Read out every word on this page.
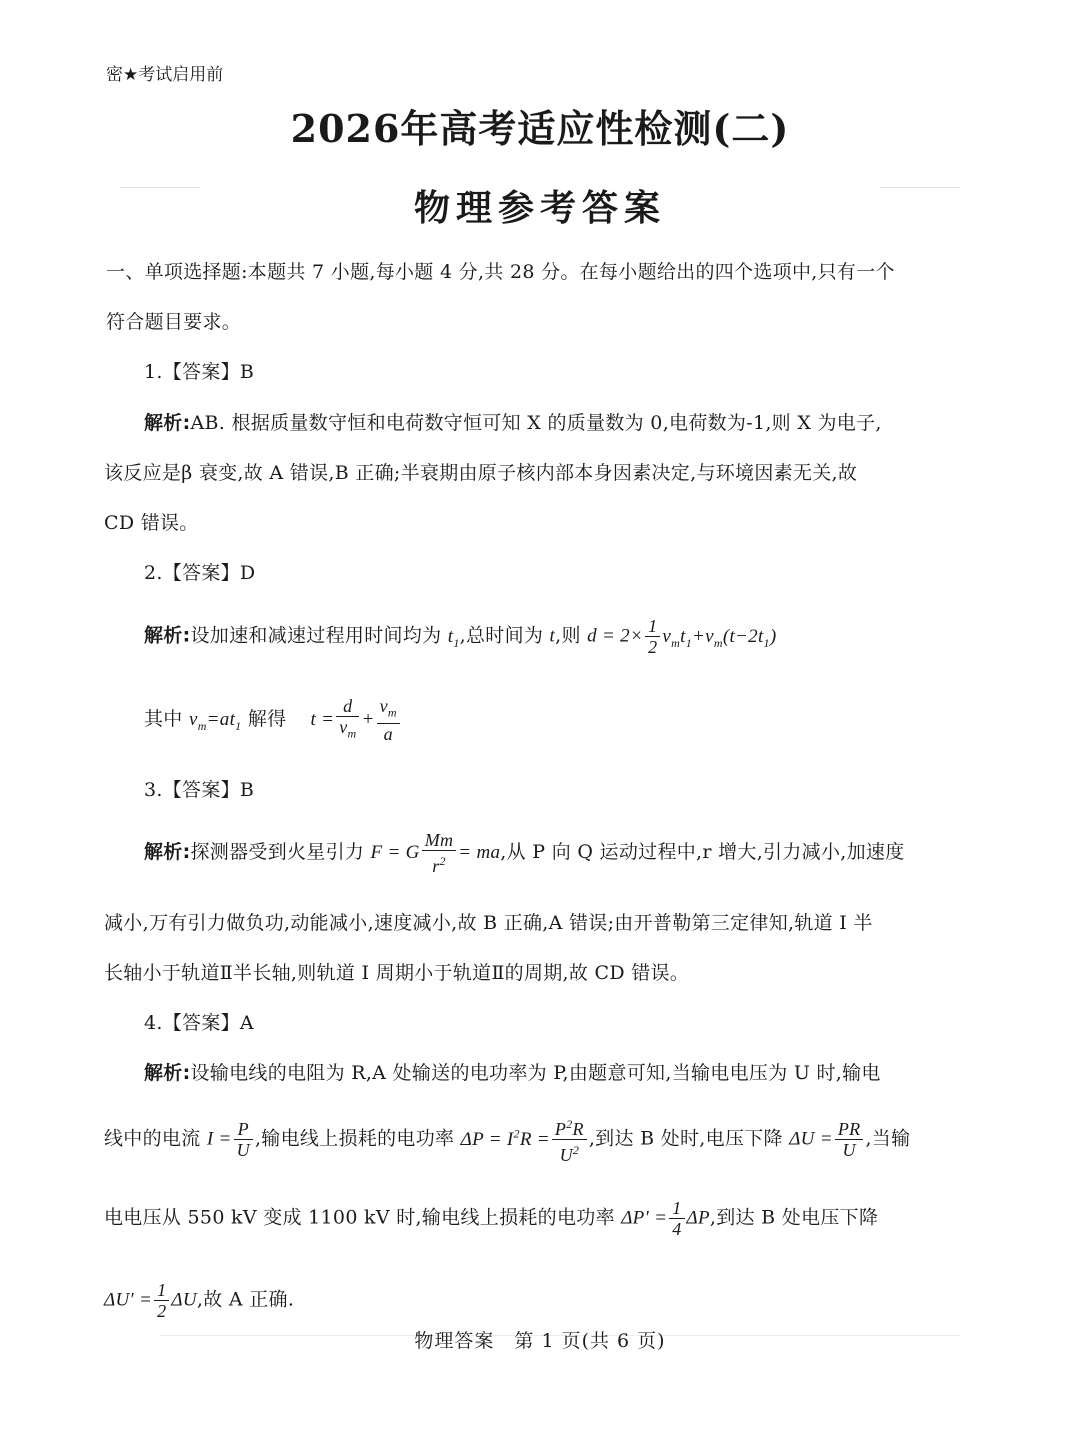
密★考试启用前
2026年高考适应性检测(二)
物理参考答案
一、单项选择题:本题共 7 小题,每小题 4 分,共 28 分。在每小题给出的四个选项中,只有一个
符合题目要求。
1.【答案】B
解析:AB. 根据质量数守恒和电荷数守恒可知 X 的质量数为 0,电荷数为-1,则 X 为电子,
该反应是β 衰变,故 A 错误,B 正确;半衰期由原子核内部本身因素决定,与环境因素无关,故
CD 错误。
2.【答案】D
解析:设加速和减速过程用时间均为 $t_1$,总时间为 t,则 $d = 2\times \frac{1}{2} v_mt_1+v_m(t-2t_1)$
其中 $v_m=at_1$ 解得 $t = \frac{d}{v_m} + \frac{v_m}{a}$
3.【答案】B
解析:探测器受到火星引力 F = G $\frac{Mm}{r^2}$ = ma,从 P 向 Q 运动过程中,r 增大,引力减小,加速度
减小,万有引力做负功,动能减小,速度减小,故 B 正确,A 错误;由开普勒第三定律知,轨道 I 半
长轴小于轨道Ⅱ半长轴,则轨道 I 周期小于轨道Ⅱ的周期,故 CD 错误。
4.【答案】A
解析:设输电线的电阻为 R,A 处输送的电功率为 P,由题意可知,当输电电压为 U 时,输电
线中的电流 $I = \frac{P}{U}$ ,输电线上损耗的电功率 $\Delta P = I^2R = \frac{P^2R}{U^2}$ ,到达 B 处时,电压下降 $\Delta U = \frac{PR}{U}$ ,当输
电电压从 550 kV 变成 1100 kV 时,输电线上损耗的电功率 $\Delta P' = \frac{1}{4} \Delta P$,到达 B 处电压下降
$\Delta U' = \frac{1}{2} \Delta U$,故 A 正确.
物理答案　第 1 页(共 6 页)
